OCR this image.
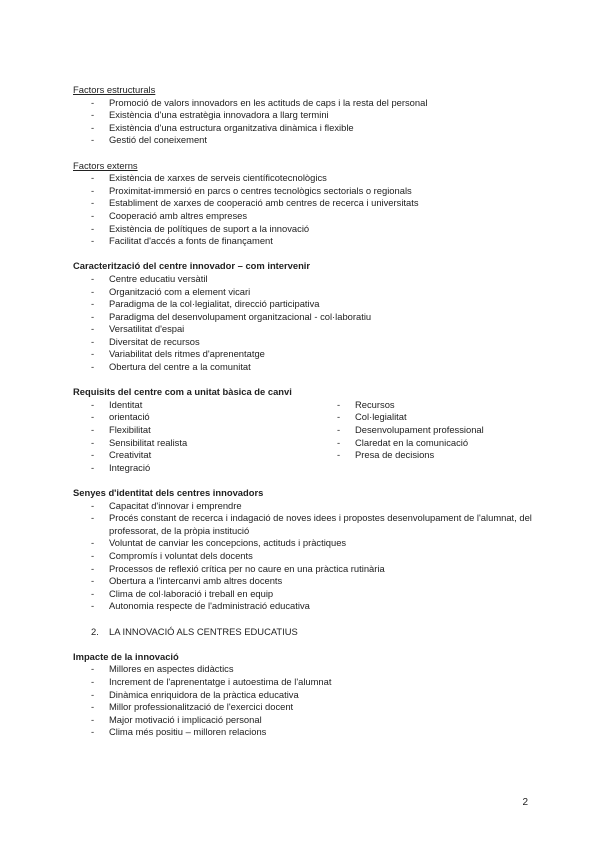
Factors estructurals

- Promoció de valors innovadors en les actituds de caps i la resta del personal
- Existència d'una estratègia innovadora a llarg termini
- Existència d'una estructura organitzativa dinàmica i flexible
- Gestió del coneixement

Factors externs

- Existència de xarxes de serveis científicotecnològics
- Proximitat-immersió en parcs o centres tecnològics sectorials o regionals
- Establiment de xarxes de cooperació amb centres de recerca i universitats
- Cooperació amb altres empreses
- Existència de polítiques de suport a la innovació
- Facilitat d'accés a fonts de finançament

Caracterització del centre innovador – com intervenir

- Centre educatiu versàtil
- Organització com a element vicari
- Paradigma de la col·legialitat, direcció participativa
- Paradigma del desenvolupament organitzacional - col·laboratiu
- Versatilitat d'espai
- Diversitat de recursos
- Variabilitat dels ritmes d'aprenentatge
- Obertura del centre a la comunitat

Requisits del centre com a unitat bàsica de canvi

- Identitat
- orientació
- Flexibilitat
- Sensibilitat realista
- Creativitat
- Integració
- Recursos
- Col·legialitat
- Desenvolupament professional
- Claredat en la comunicació
- Presa de decisions

Senyes d'identitat dels centres innovadors

- Capacitat d'innovar i emprendre
- Procés constant de recerca i indagació de noves idees i propostes desenvolupament de l'alumnat, del professorat, de la pròpia institució
- Voluntat de canviar les concepcions, actituds i pràctiques
- Compromís i voluntat dels docents
- Processos de reflexió crítica per no caure en una pràctica rutinària
- Obertura a l'intercanvi amb altres docents
- Clima de col·laboració i treball en equip
- Autonomia respecte de l'administració educativa
2. LA INNOVACIÓ ALS CENTRES EDUCATIUS

Impacte de la innovació

- Millores en aspectes didàctics
- Increment de l'aprenentatge i autoestima de l'alumnat
- Dinàmica enriquidora de la pràctica educativa
- Millor professionalització de l'exercici docent
- Major motivació i implicació personal
- Clima més positiu – milloren relacions
2
